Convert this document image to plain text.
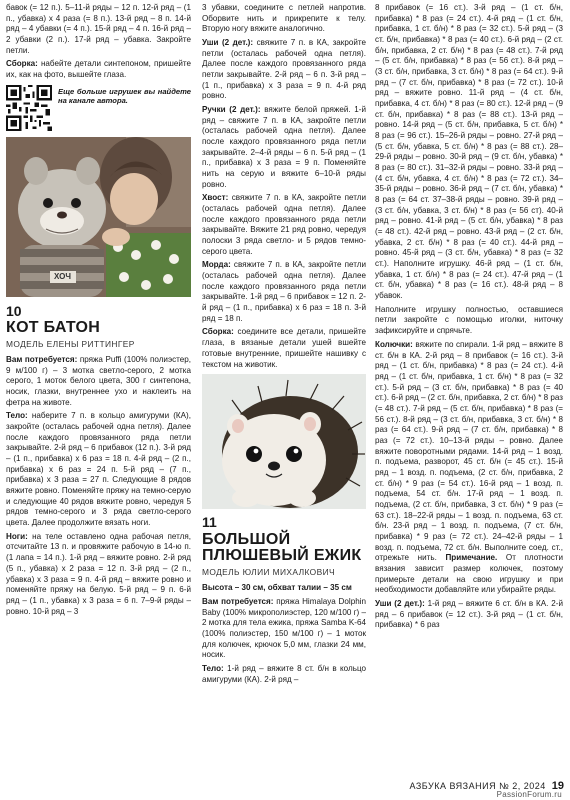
бавок (= 12 п.). 5–11-й ряды – 12 п. 12-й ряд – (1 п., убавка) х 4 раза (= 8 п.). 13-й ряд – 8 п. 14-й ряд – 4 убавки (= 4 п.). 15-й ряд – 4 п. 16-й ряд – 2 убавки (2 п.). 17-й ряд – убавка. Закройте петли.

Сборка: набейте детали синтепоном, пришейте их, как на фото, вышейте глаза.

Еще больше игрушек вы найдете на канале автора.
ХОЧ
10
КОТ БАТОН
МОДЕЛЬ ЕЛЕНЫ РИТТИНГЕР

Вам потребуется: пряжа Puffi (100% полиэстер, 9 м/100 г) – 3 мотка светло-серого, 2 мотка серого, 1 моток белого цвета, 300 г синтепона, носик, глазки, внутреннее ухо и наклеить на фетра на животе.

Тело: наберите 7 п. в кольцо амигуруми (КА), закройте (осталась рабочей одна петля). Далее после каждого провязанного ряда петли закрывайте. 2-й ряд – 6 прибавок (12 п.). 3-й ряд – (1 п., прибавка) х 6 раз = 18 п. 4-й ряд – (2 п., прибавка) х 6 раз = 24 п. 5-й ряд – (7 п., прибавка) х 3 раза = 27 п. Следующие 8 рядов вяжите ровно. Поменяйте пряжу на темно-серую и следующие 40 рядов вяжите ровно, чередуя 5 рядов темно-серого и 3 ряда светло-серого цвета. Далее продолжите вязать ноги.

Ноги: на теле оставлено одна рабочая петля, отсчитайте 13 п. и провяжите рабочую в 14-ю п. (1 лапа = 14 п.). 1-й ряд – вяжите ровно. 2-й ряд (5 п., убавка) х 2 раза = 12 п. 3-й ряд – (2 п., убавка) х 3 раза = 9 п. 4-й ряд – вяжите ровно и поменяйте пряжу на белую. 5-й ряд – 9 п. 6-й ряд – (1 п., убавка) х 3 раза = 6 п. 7–9-й ряды – ровно. 10-й ряд – 3

3 убавки, соедините с петлей напротив. Оборвите нить и прикрепите к телу. Вторую ногу вяжите аналогично.

Уши (2 дет.): свяжите 7 п. в КА, закройте петли (осталась рабочей одна петля). Далее после каждого провязанного ряда петли закрывайте. 2-й ряд – 6 п. 3-й ряд – (1 п., прибавка) х 3 раза = 9 п. 4-й ряд ровно.

Ручки (2 дет.): вяжите белой пряжей. 1-й ряд – свяжите 7 п. в КА, закройте петли (осталась рабочей одна петля). Далее после каждого провязанного ряда петли закрывайте. 2–4-й ряды – 6 п. 5-й ряд – (1 п., прибавка) х 3 раза = 9 п. Поменяйте нить на серую и вяжите 6–10-й ряды ровно.

Хвост: свяжите 7 п. в КА, закройте петли (осталась рабочей одна петля). Далее после каждого провязанного ряда петли закрывайте. Вяжите 21 ряд ровно, чередуя полоски 3 ряда светло- и 5 рядов темно-серого цвета.

Морда: свяжите 7 п. в КА, закройте петли (осталась рабочей одна петля). Далее после каждого провязанного ряда петли закрывайте. 1-й ряд – 6 прибавок = 12 п. 2-й ряд – (1 п., прибавка) х 6 раз = 18 п. 3-й ряд = 18 п.

Сборка: соедините все детали, пришейте глаза, в вязаные детали ушей вшейте готовые внутренние, пришейте нашивку с текстом на животик.

11
БОЛЬШОЙ ПЛЮШЕВЫЙ ЕЖИК
МОДЕЛЬ ЮЛИИ МИХАЛКОВИЧ
Высота – 30 см, обхват талии – 35 см

Вам потребуется: пряжа Himalaya Dolphin Baby (100% микрополиэстер, 120 м/100 г) – 2 мотка для тела ежика, пряжа Samba K-64 (100% полиэстер, 150 м/100 г) – 1 моток для колючек, крючок 5,0 мм, глазки 24 мм, носик.

Тело: 1-й ряд – вяжите 8 ст. б/н в кольцо амигуруми (КА). 2-й ряд –

8 прибавок (= 16 ст.). 3-й ряд – (1 ст. б/н, прибавка) * 8 раз (= 24 ст.). 4-й ряд – (1 ст. б/н, прибавка, 1 ст. б/н) * 8 раз (= 32 ст.). 5-й ряд – (3 ст. б/н, прибавка) * 8 раз (= 40 ст.). 6-й ряд – (2 ст. б/н, прибавка, 2 ст. б/н) * 8 раз (= 48 ст.). 7-й ряд – (5 ст. б/н, прибавка) * 8 раз (= 56 ст.). 8-й ряд – (3 ст. б/н, прибавка, 3 ст. б/н) * 8 раз (= 64 ст.). 9-й ряд – (7 ст. б/н, прибавка) * 8 раз (= 72 ст.). 10-й ряд – вяжите ровно. 11-й ряд – (4 ст. б/н, прибавка, 4 ст. б/н) * 8 раз (= 80 ст.). 12-й ряд – (9 ст. б/н, прибавка) * 8 раз (= 88 ст.). 13-й ряд – ровно. 14-й ряд – (5 ст. б/н, прибавка, 5 ст. б/н) * 8 раз (= 96 ст.). 15–26-й ряды – ровно. 27-й ряд – (5 ст. б/н, убавка, 5 ст. б/н) * 8 раз (= 88 ст.). 28–29-й ряды – ровно. 30-й ряд – (9 ст. б/н, убавка) * 8 раз (= 80 ст.). 31–32-й ряды – ровно. 33-й ряд – (4 ст. б/н, убавка, 4 ст. б/н) * 8 раз (= 72 ст.). 34–35-й ряды – ровно. 36-й ряд – (7 ст. б/н, убавка) * 8 раз (= 64 ст. 37–38-й ряды – ровно. 39-й ряд – (3 ст. б/н, убавка, 3 ст. б/н) * 8 раз (= 56 ст). 40-й ряд – ровно. 41-й ряд – (5 ст. б/н, убавка) * 8 раз (= 48 ст.). 42-й ряд – ровно. 43-й ряд – (2 ст. б/н, убавка, 2 ст. б/н) * 8 раз (= 40 ст.). 44-й ряд – ровно. 45-й ряд – (3 ст. б/н, убавка) * 8 раз (= 32 ст.). Наполните игрушку. 46-й ряд – (1 ст. б/н, убавка, 1 ст. б/н) * 8 раз (= 24 ст.). 47-й ряд – (1 ст. б/н, убавка) * 8 раз (= 16 ст.). 48-й ряд – 8 убавок.

Наполните игрушку полностью, оставшиеся петли закройте с помощью иголки, ниточку зафиксируйте и спрячьте.

Колючки: вяжите по спирали. 1-й ряд – вяжите 8 ст. б/н в КА. 2-й ряд – 8 прибавок (= 16 ст.). 3-й ряд – (1 ст. б/н, прибавка) * 8 раз (= 24 ст.). 4-й ряд – (1 ст. б/н, прибавка, 1 ст. б/н) * 8 раз (= 32 ст.). 5-й ряд – (3 ст. б/н, прибавка) * 8 раз (= 40 ст.). 6-й ряд – (2 ст. б/н, прибавка, 2 ст. б/н) * 8 раз (= 48 ст.). 7-й ряд – (5 ст. б/н, прибавка) * 8 раз (= 56 ст.). 8-й ряд – (3 ст. б/н, прибавка, 3 ст. б/н) * 8 раз (= 64 ст.). 9-й ряд – (7 ст. б/н, прибавка) * 8 раз (= 72 ст.). 10–13-й ряды – ровно. Далее вяжите поворотными рядами. 14-й ряд – 1 возд. п. подъема, разворот, 45 ст. б/н (= 45 ст.). 15-й ряд – 1 возд. п. подъема, (2 ст. б/н, прибавка, 2 ст. б/н) * 9 раз (= 54 ст.). 16-й ряд – 1 возд. п. подъема, 54 ст. б/н. 17-й ряд – 1 возд. п. подъема, (2 ст. б/н, прибавка, 3 ст. б/н) * 9 раз (= 63 ст.). 18–22-й ряды – 1 возд. п. подъема, 63 ст. б/н. 23-й ряд – 1 возд. п. подъема, (7 ст. б/н, прибавка) * 9 раз (= 72 ст.). 24–42-й ряды – 1 возд. п. подъема, 72 ст. б/н. Выполните соед. ст., отрежьте нить. Примечание. От плотности вязания зависит размер колючек, поэтому примерьте детали на свою игрушку и при необходимости добавляйте или убирайте ряды.

Уши (2 дет.): 1-й ряд – вяжите 6 ст. б/н в КА. 2-й ряд – 6 прибавок (= 12 ст.). 3-й ряд – (1 ст. б/н, прибавка) * 6 раз

АЗБУКА ВЯЗАНИЯ № 2, 2024 19
PassionForum.ru
